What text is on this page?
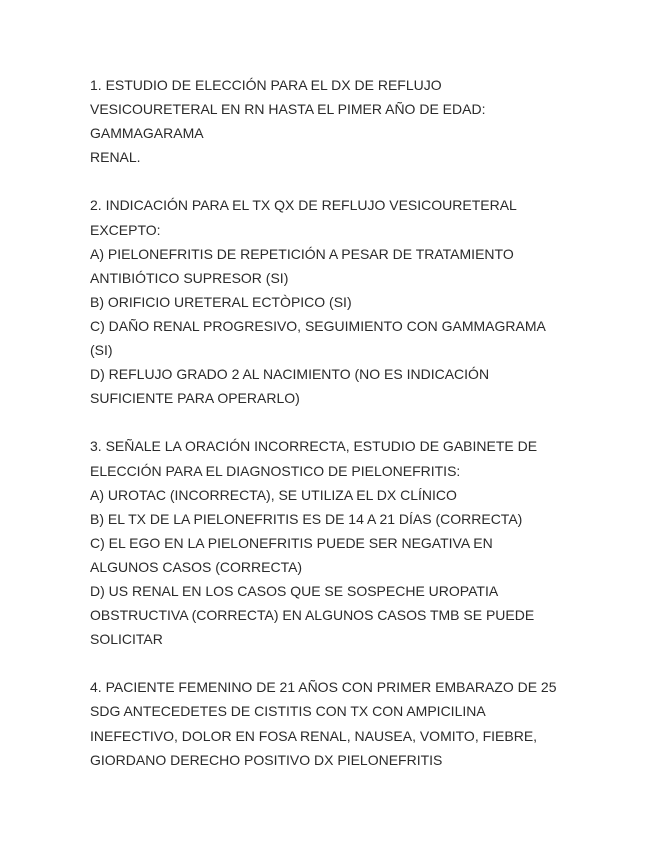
1. ESTUDIO DE ELECCIÓN PARA EL DX DE REFLUJO
VESICOURETERAL EN RN HASTA EL PIMER AÑO DE EDAD:
GAMMAGARAMA
RENAL.
2. INDICACIÓN PARA EL TX QX DE REFLUJO VESICOURETERAL
EXCEPTO:
A) PIELONEFRITIS DE REPETICIÓN A PESAR DE TRATAMIENTO
ANTIBIÓTICO SUPRESOR (SI)
B) ORIFICIO URETERAL ECTÒPICO (SI)
C) DAÑO RENAL PROGRESIVO, SEGUIMIENTO CON GAMMAGRAMA
(SI)
D) REFLUJO GRADO 2 AL NACIMIENTO (NO ES INDICACIÓN
SUFICIENTE PARA OPERARLO)
3. SEÑALE LA ORACIÓN INCORRECTA, ESTUDIO DE GABINETE DE
ELECCIÓN PARA EL DIAGNOSTICO DE PIELONEFRITIS:
A) UROTAC (INCORRECTA), SE UTILIZA EL DX CLÍNICO
B) EL TX DE LA PIELONEFRITIS ES DE 14 A 21 DÍAS (CORRECTA)
C) EL EGO EN LA PIELONEFRITIS PUEDE SER NEGATIVA EN
ALGUNOS CASOS (CORRECTA)
D) US RENAL EN LOS CASOS QUE SE SOSPECHE UROPATIA
OBSTRUCTIVA (CORRECTA) EN ALGUNOS CASOS TMB SE PUEDE
SOLICITAR
4. PACIENTE FEMENINO DE 21 AÑOS CON PRIMER EMBARAZO DE 25
SDG ANTECEDETES DE CISTITIS CON TX CON AMPICILINA
INEFECTIVO, DOLOR EN FOSA RENAL, NAUSEA, VOMITO, FIEBRE,
GIORDANO DERECHO POSITIVO DX PIELONEFRITIS
